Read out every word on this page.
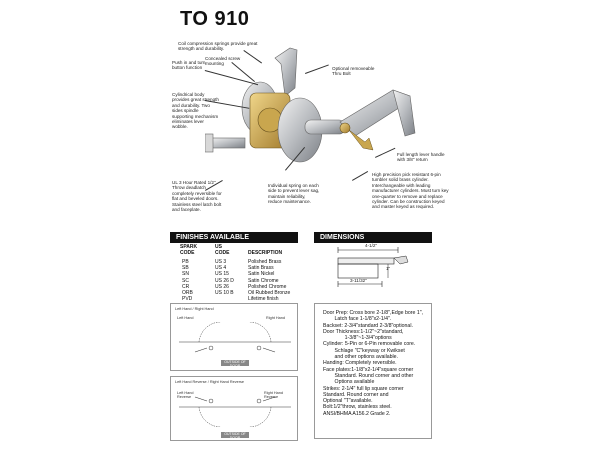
TO 910
Coil compression springs provide great strength and durability.
Push in and turn button function
Concealed screw mounting
Optional removeable Thru Bolt
Cylindrical body provides great strength and durability. Two sides spindle supporting mechanism eliminates lever wobble.
Full length lever handle with 3/8" return
High precision pick resistant 6-pin tumbler solid brass cylinder. Interchangeable with leading manufacturer cylinders. Must turn key one-quarter to remove and replace cylinder. Can be construction keyed and master keyed as required.
UL 3 Hour Rated 1/2" Throw deadlatch completely reversible for flat and beveled doors. Stainless steel latch bolt and faceplate.
Individual spring on each side to prevent lever sag, maintain reliability, reduce maintenance.
FINISHES AVAILABLE
SPARK CODE
US CODE	DESCRIPTION
PB
SB
SN
SC
CR
ORB
PVD
US 3
US 4
US 15
US 26 D
US 26
US 10 B

Polished Brass
Satin Brass
Satin Nickel
Satin Chrome
Polished Chrome
Oil Rubbed Bronze
Lifetime finish
DIMENSIONS
4-1/2"
1"
3-11/32"
Left Hand / Right Hand
Left Hand	Right Hand
OUTSIDE OF DOOR
Left Hand Reverse / Right Hand Reverse
Left Hand Reverse
Right Hand Reverse
OUTSIDE OF DOOR
Door Prep: Cross bore 2-1/8",Edge bore 1",
Latch face 1-1/8"x2-1/4".
Backset: 2-3/4"standard 2-3/8"optional.
Door Thickness:1-1/2"~2"standard,
1-3/8"~1-3/4"options
Cylinder: 5-Pin or 6-Pin removable core.
Schlage "C"keyway or Kwikset
and other options available.
Handing: Completely reversible.
Face plates:1-1/8"x2-1/4"square corner
Standard. Round corner and other
Options available
Strikes: 2-1/4" full lip square corner
Standard. Round corner and
Optional "T"available.
Bolt:1/2"throw, stainless steel.
ANSI/BHMA A156.2 Grade 2.
